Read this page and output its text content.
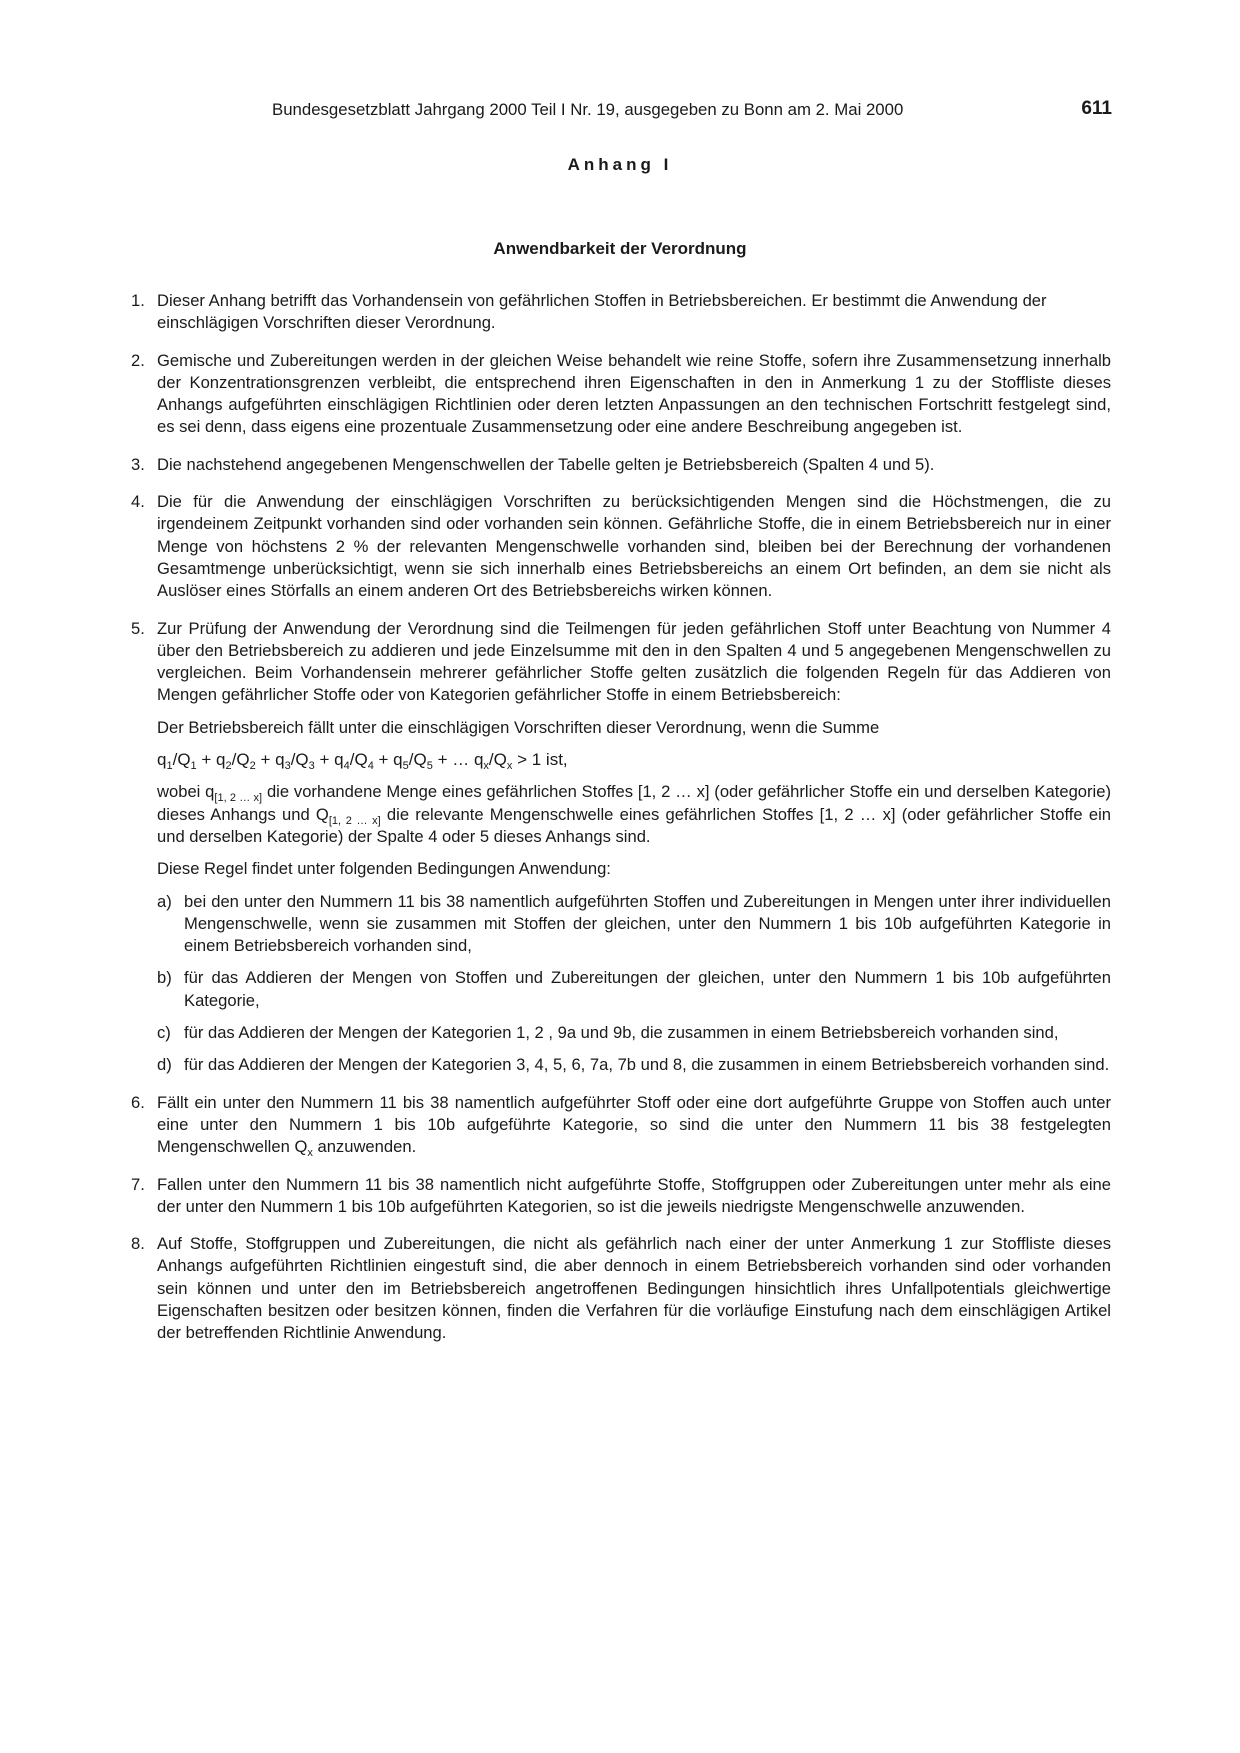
Bundesgesetzblatt Jahrgang 2000 Teil I Nr. 19, ausgegeben zu Bonn am 2. Mai 2000	611
Anhang I
Anwendbarkeit der Verordnung
1. Dieser Anhang betrifft das Vorhandensein von gefährlichen Stoffen in Betriebsbereichen. Er bestimmt die Anwendung der einschlägigen Vorschriften dieser Verordnung.

2. Gemische und Zubereitungen werden in der gleichen Weise behandelt wie reine Stoffe, sofern ihre Zusammensetzung innerhalb der Konzentrationsgrenzen verbleibt, die entsprechend ihren Eigenschaften in den in Anmerkung 1 zu der Stoffliste dieses Anhangs aufgeführten einschlägigen Richtlinien oder deren letzten Anpassungen an den technischen Fortschritt festgelegt sind, es sei denn, dass eigens eine prozentuale Zusammensetzung oder eine andere Beschreibung angegeben ist.

3. Die nachstehend angegebenen Mengenschwellen der Tabelle gelten je Betriebsbereich (Spalten 4 und 5).

4. Die für die Anwendung der einschlägigen Vorschriften zu berücksichtigenden Mengen sind die Höchstmengen, die zu irgendeinem Zeitpunkt vorhanden sind oder vorhanden sein können. Gefährliche Stoffe, die in einem Betriebsbereich nur in einer Menge von höchstens 2 % der relevanten Mengenschwelle vorhanden sind, bleiben bei der Berechnung der vorhandenen Gesamtmenge unberücksichtigt, wenn sie sich innerhalb eines Betriebsbereichs an einem Ort befinden, an dem sie nicht als Auslöser eines Störfalls an einem anderen Ort des Betriebsbereichs wirken können.

5. Zur Prüfung der Anwendung der Verordnung sind die Teilmengen für jeden gefährlichen Stoff unter Beachtung von Nummer 4 über den Betriebsbereich zu addieren und jede Einzelsumme mit den in den Spalten 4 und 5 angegebenen Mengenschwellen zu vergleichen. Beim Vorhandensein mehrerer gefährlicher Stoffe gelten zusätzlich die folgenden Regeln für das Addieren von Mengen gefährlicher Stoffe oder von Kategorien gefährlicher Stoffe in einem Betriebsbereich:

Der Betriebsbereich fällt unter die einschlägigen Vorschriften dieser Verordnung, wenn die Summe

$q_1/Q_1 + q_2/Q_2 + q_3/Q_3 + q_4/Q_4 + q_5/Q_5$ + … $q_x/Q_x > 1$ ist,

wobei $q_{[1, 2 \dots x]}$ die vorhandene Menge eines gefährlichen Stoffes [1, 2 … x] (oder gefährlicher Stoffe ein und derselben Kategorie) dieses Anhangs und $Q_{[1, 2 \dots x]}$ die relevante Mengenschwelle eines gefährlichen Stoffes [1, 2 … x] (oder gefährlicher Stoffe ein und derselben Kategorie) der Spalte 4 oder 5 dieses Anhangs sind.

Diese Regel findet unter folgenden Bedingungen Anwendung:

a) bei den unter den Nummern 11 bis 38 namentlich aufgeführten Stoffen und Zubereitungen in Mengen unter ihrer individuellen Mengenschwelle, wenn sie zusammen mit Stoffen der gleichen, unter den Nummern 1 bis 10b aufgeführten Kategorie in einem Betriebsbereich vorhanden sind,
b) für das Addieren der Mengen von Stoffen und Zubereitungen der gleichen, unter den Nummern 1 bis 10b aufgeführten Kategorie,
c) für das Addieren der Mengen der Kategorien 1, 2 , 9a und 9b, die zusammen in einem Betriebsbereich vorhanden sind,
d) für das Addieren der Mengen der Kategorien 3, 4, 5, 6, 7a, 7b und 8, die zusammen in einem Betriebsbereich vorhanden sind.
6. Fällt ein unter den Nummern 11 bis 38 namentlich aufgeführter Stoff oder eine dort aufgeführte Gruppe von Stoffen auch unter eine unter den Nummern 1 bis 10b aufgeführte Kategorie, so sind die unter den Nummern 11 bis 38 festgelegten Mengenschwellen $Q_x$ anzuwenden.

7. Fallen unter den Nummern 11 bis 38 namentlich nicht aufgeführte Stoffe, Stoffgruppen oder Zubereitungen unter mehr als eine der unter den Nummern 1 bis 10b aufgeführten Kategorien, so ist die jeweils niedrigste Mengenschwelle anzuwenden.

8. Auf Stoffe, Stoffgruppen und Zubereitungen, die nicht als gefährlich nach einer der unter Anmerkung 1 zur Stoffliste dieses Anhangs aufgeführten Richtlinien eingestuft sind, die aber dennoch in einem Betriebsbereich vorhanden sind oder vorhanden sein können und unter den im Betriebsbereich angetroffenen Bedingungen hinsichtlich ihres Unfallpotentials gleichwertige Eigenschaften besitzen oder besitzen können, finden die Verfahren für die vorläufige Einstufung nach dem einschlägigen Artikel der betreffenden Richtlinie Anwendung.
